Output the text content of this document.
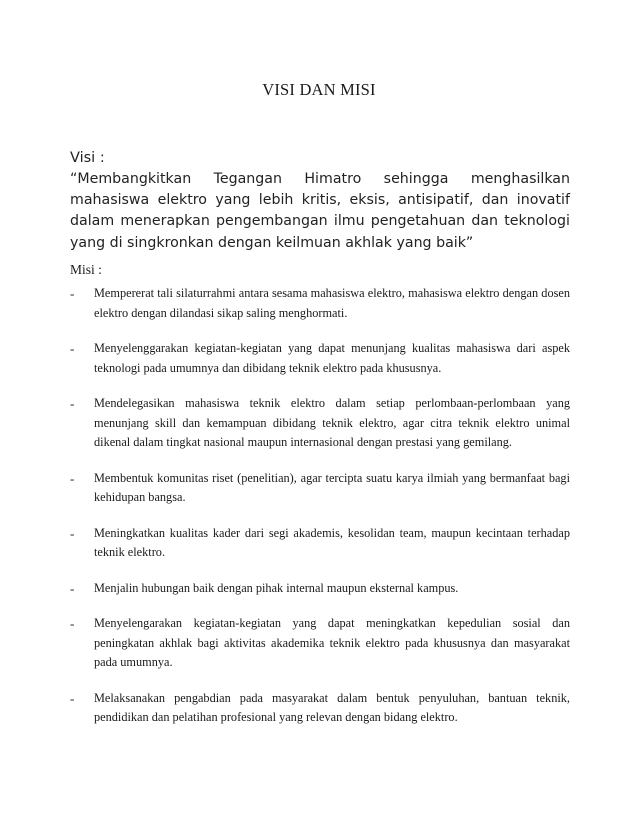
VISI DAN MISI
Visi :
“Membangkitkan Tegangan Himatro sehingga menghasilkan mahasiswa elektro yang lebih kritis, eksis, antisipatif, dan inovatif dalam menerapkan pengembangan ilmu pengetahuan dan teknologi yang di singkronkan dengan keilmuan akhlak yang baik”
Misi :
- Mempererat tali silaturrahmi antara sesama mahasiswa elektro, mahasiswa elektro dengan dosen elektro dengan dilandasi sikap saling menghormati.
- Menyelenggarakan kegiatan-kegiatan yang dapat menunjang kualitas mahasiswa dari aspek teknologi pada umumnya dan dibidang teknik elektro pada khususnya.
- Mendelegasikan mahasiswa teknik elektro dalam setiap perlombaan-perlombaan yang menunjang skill dan kemampuan dibidang teknik elektro, agar citra teknik elektro unimal dikenal dalam tingkat nasional maupun internasional dengan prestasi yang gemilang.
- Membentuk komunitas riset (penelitian), agar tercipta suatu karya ilmiah yang bermanfaat bagi kehidupan bangsa.
- Meningkatkan kualitas kader dari segi akademis, kesolidan team, maupun kecintaan terhadap teknik elektro.
- Menjalin hubungan baik dengan pihak internal maupun eksternal kampus.
- Menyelengarakan kegiatan-kegiatan yang dapat meningkatkan kepedulian sosial dan peningkatan akhlak bagi aktivitas akademika teknik elektro pada khususnya dan masyarakat pada umumnya.
- Melaksanakan pengabdian pada masyarakat dalam bentuk penyuluhan, bantuan teknik, pendidikan dan pelatihan profesional yang relevan dengan bidang elektro.
